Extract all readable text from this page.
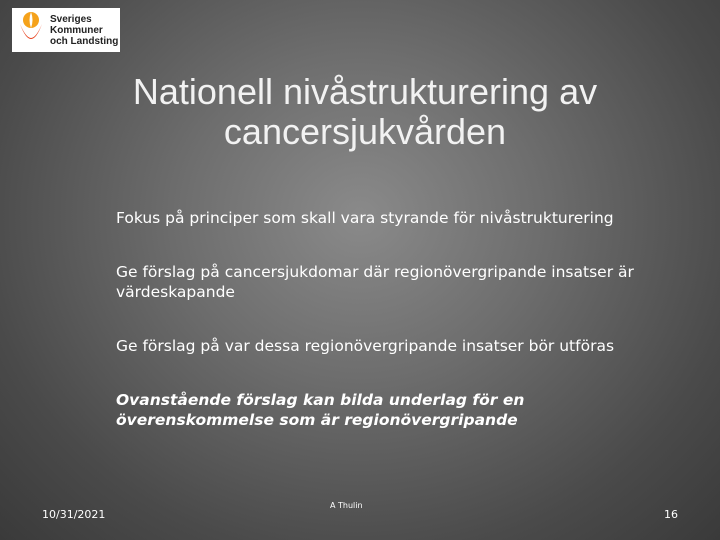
Sveriges
Kommuner
och Landsting
Nationell nivåstrukturering av
cancersjukvården
Fokus på principer som skall vara styrande för nivåstrukturering
Ge förslag på cancersjukdomar där regionövergripande insatser är värdeskapande
Ge förslag på var dessa regionövergripande insatser bör utföras
Ovanstående förslag kan bilda underlag för en överenskommelse som är regionövergripande
10/31/2021
A Thulin
16
